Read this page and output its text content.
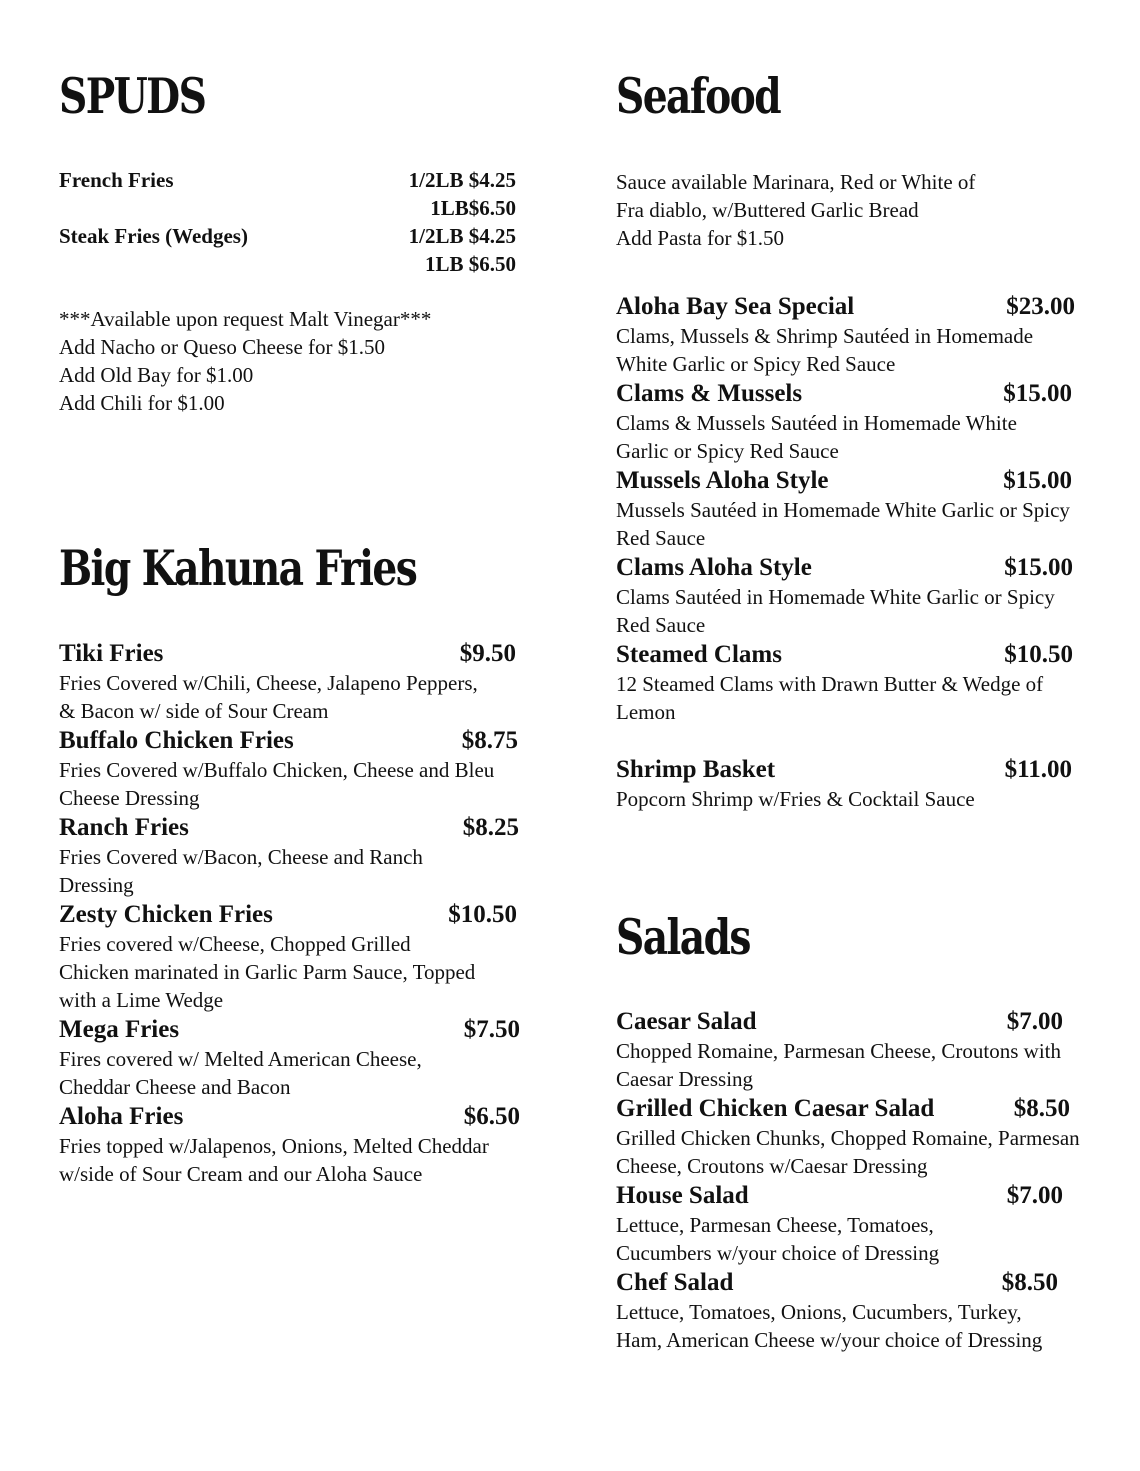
SPUDS
French Fries	1/2LB $4.25
1LB$6.50
Steak Fries (Wedges)	1/2LB $4.25
1LB $6.50
***Available upon request Malt Vinegar***
Add Nacho or Queso Cheese for $1.50
Add Old Bay for $1.00
Add Chili for $1.00
Big Kahuna Fries
Tiki Fries	$9.50
Fries Covered w/Chili, Cheese, Jalapeno Peppers, & Bacon w/ side of Sour Cream
Buffalo Chicken Fries	$8.75
Fries Covered w/Buffalo Chicken, Cheese and Bleu Cheese Dressing
Ranch Fries	$8.25
Fries Covered w/Bacon, Cheese and Ranch Dressing
Zesty Chicken Fries	$10.50
Fries covered w/Cheese, Chopped Grilled Chicken marinated in Garlic Parm Sauce, Topped with a Lime Wedge
Mega Fries	$7.50
Fires covered w/ Melted American Cheese, Cheddar Cheese and Bacon
Aloha Fries	$6.50
Fries topped w/Jalapenos, Onions, Melted Cheddar w/side of Sour Cream and our Aloha Sauce
Seafood
Sauce available Marinara, Red or White of
Fra diablo, w/Buttered Garlic Bread
Add Pasta for $1.50
Aloha Bay Sea Special	$23.00
Clams, Mussels & Shrimp Sautéed in Homemade White Garlic or Spicy Red Sauce
Clams & Mussels	$15.00
Clams & Mussels Sautéed in Homemade White Garlic or Spicy Red Sauce
Mussels Aloha Style	$15.00
Mussels Sautéed in Homemade White Garlic or Spicy Red Sauce
Clams Aloha Style	$15.00
Clams Sautéed in Homemade White Garlic or Spicy Red Sauce
Steamed Clams	$10.50
12 Steamed Clams with Drawn Butter & Wedge of Lemon
Shrimp Basket	$11.00
Popcorn Shrimp w/Fries & Cocktail Sauce
Salads
Caesar Salad	$7.00
Chopped Romaine, Parmesan Cheese, Croutons with Caesar Dressing
Grilled Chicken Caesar Salad	$8.50
Grilled Chicken Chunks, Chopped Romaine, Parmesan Cheese, Croutons w/Caesar Dressing
House Salad	$7.00
Lettuce, Parmesan Cheese, Tomatoes, Cucumbers w/your choice of Dressing
Chef Salad	$8.50
Lettuce, Tomatoes, Onions, Cucumbers, Turkey, Ham, American Cheese w/your choice of Dressing
